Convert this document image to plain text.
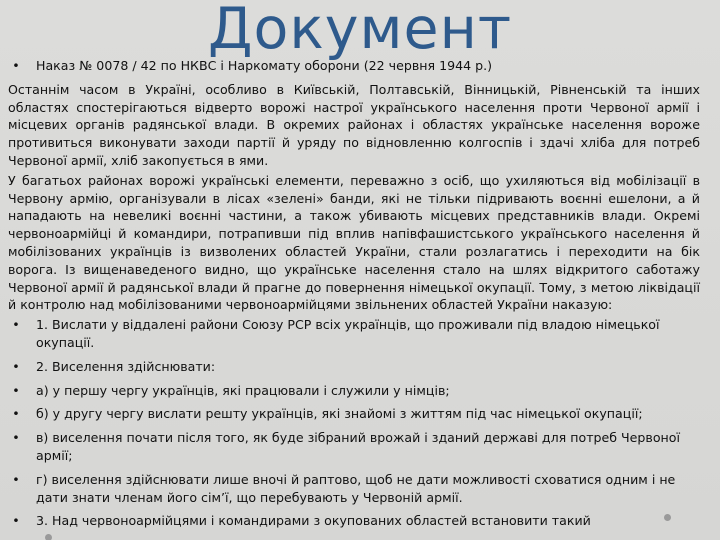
Документ
• Наказ № 0078 / 42 по НКВС і Наркомату оборони (22 червня 1944 р.)
Останнім часом в Україні, особливо в Київській, Полтавській, Вінницькій, Рівненській та інших областях спостерігаються відверто ворожі настрої українського населення проти Червоної армії і місцевих органів радянської влади. В окремих районах і областях українське населення вороже противиться виконувати заходи партії й уряду по відновленню колгоспів і здачі хліба для потреб Червоної армії, хліб закопується в ями.
У багатьох районах ворожі українські елементи, переважно з осіб, що ухиляються від мобілізації в Червону армію, організували в лісах «зелені» банди, які не тільки підривають воєнні ешелони, а й нападають на невеликі воєнні частини, а також убивають місцевих представників влади. Окремі червоноармійці й командири, потрапивши під вплив напівфашистського українського населення й мобілізованих українців із визволених областей України, стали розлагатись і переходити на бік ворога. Із вищенаведеного видно, що українське населення стало на шлях відкритого саботажу Червоної армії й радянської влади й прагне до повернення німецької окупації. Тому, з метою ліквідації й контролю над мобілізованими червоноармійцями звільнених областей України наказую:
• 1. Вислати у віддалені райони Союзу РСР всіх українців, що проживали під владою німецької окупації.
• 2. Виселення здійснювати:
• а) у першу чергу українців, які працювали і служили у німців;
• б) у другу чергу вислати решту українців, які знайомі з життям під час німецької окупації;
• в) виселення почати після того, як буде зібраний врожай і зданий державі для потреб Червоної армії;
• г) виселення здійснювати лише вночі й раптово, щоб не дати можливості сховатися одним і не дати знати членам його сім’ї, що перебувають у Червоній армії.
• 3. Над червоноармійцями і командирами з окупованих областей встановити такий
